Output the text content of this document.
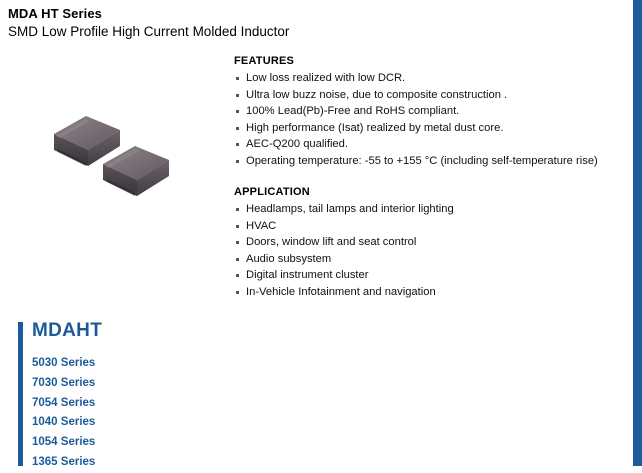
MDA HT Series
SMD Low Profile High Current Molded Inductor
FEATURES
Low loss realized with low DCR.
Ultra low buzz noise, due to composite construction .
100% Lead(Pb)-Free and RoHS compliant.
High performance (Isat) realized by metal dust core.
AEC-Q200 qualified.
Operating temperature: -55 to +155 °C (including self-temperature rise)
APPLICATION
Headlamps, tail lamps and interior lighting
HVAC
Doors, window lift and seat control
Audio subsystem
Digital instrument cluster
In-Vehicle Infotainment and navigation
MDAHT
5030 Series
7030 Series
7054 Series
1040 Series
1054 Series
1365 Series
